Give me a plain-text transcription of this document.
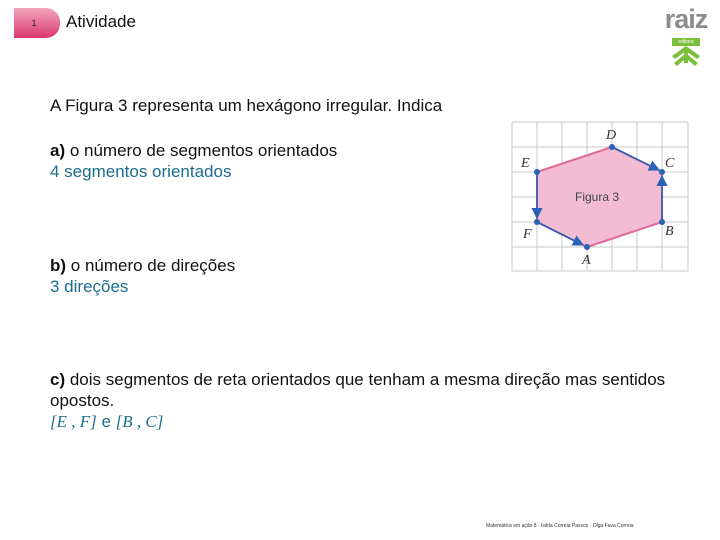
1 Atividade	raiz
editora
A Figura 3 representa um hexágono irregular. Indica
a) o número de segmentos orientados
4 segmentos orientados
b) o número de direções
3 direções
c) dois segmentos de reta orientados que tenham a mesma direção mas sentidos opostos.
[E , F] e [B , C]
D
C
B
A
F
E
Figura 3
Matemática em ação 8 · Isilda Correia Passos · Olga Fava Correia
